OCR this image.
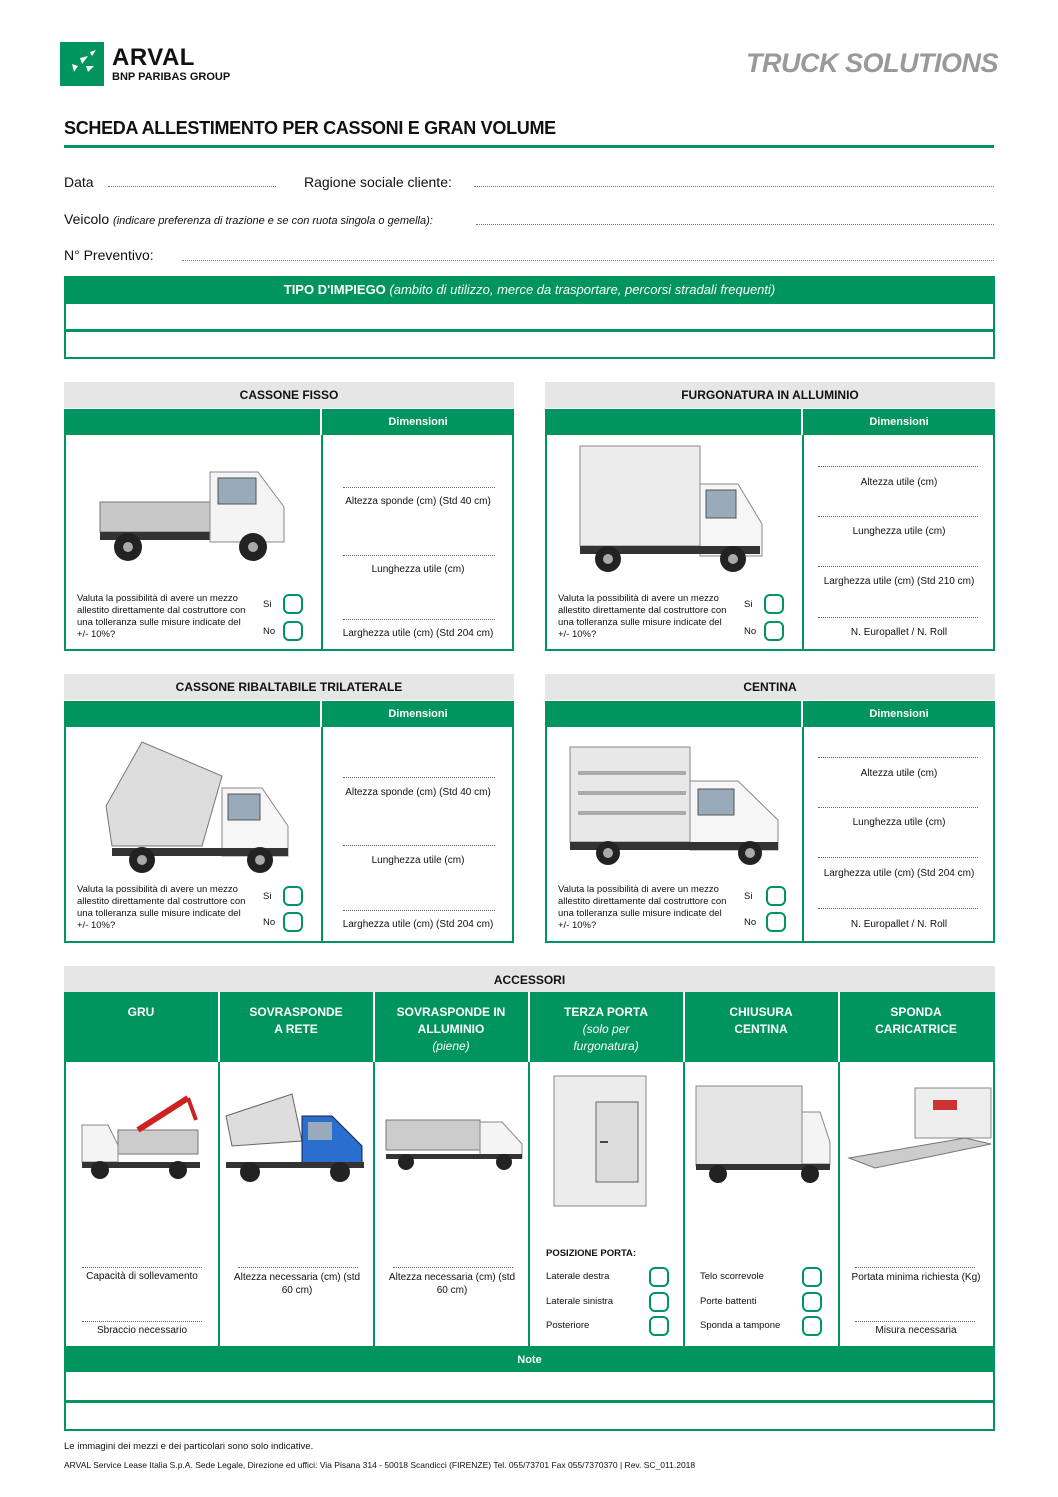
ARVAL
BNP PARIBAS GROUP	TRUCK SOLUTIONS
SCHEDA ALLESTIMENTO PER CASSONI E GRAN VOLUME
Data	Ragione sociale cliente:
Veicolo (indicare preferenza di trazione e se con ruota singola o gemella):
N° Preventivo:
TIPO D'IMPIEGO (ambito di utilizzo, merce da trasportare, percorsi stradali frequenti)
CASSONE FISSO
Dimensioni
Valuta la possibilità di avere un mezzo allestito direttamente dal costruttore con una tolleranza sulle misure indicate del +/- 10%?
Si
No
Altezza sponde (cm) (Std 40 cm)
Lunghezza utile (cm)
Larghezza utile (cm) (Std 204 cm)
FURGONATURA IN ALLUMINIO
Dimensioni
Valuta la possibilità di avere un mezzo allestito direttamente dal costruttore con una tolleranza sulle misure indicate del +/- 10%?
Si
No
Altezza utile (cm)
Lunghezza utile (cm)
Larghezza utile (cm) (Std 210 cm)
N. Europallet / N. Roll
CASSONE RIBALTABILE TRILATERALE
Dimensioni
Valuta la possibilità di avere un mezzo allestito direttamente dal costruttore con una tolleranza sulle misure indicate del +/- 10%?
Si
No
Altezza sponde (cm) (Std 40 cm)
Lunghezza utile (cm)
Larghezza utile (cm) (Std 204 cm)
CENTINA
Dimensioni
Valuta la possibilità di avere un mezzo allestito direttamente dal costruttore con una tolleranza sulle misure indicate del +/- 10%?
Si
No
Altezza utile (cm)
Lunghezza utile (cm)
Larghezza utile (cm) (Std 204 cm)
N. Europallet / N. Roll
ACCESSORI
GRU	SOVRASPONDE A RETE
SOVRASPONDE IN ALLUMINIO
(piene)
TERZA PORTA
(solo per furgonatura)
CHIUSURA CENTINA
SPONDA CARICATRICE
Capacità di sollevamento
Sbraccio necessario
Altezza necessaria (cm) (std 60 cm)
Altezza necessaria (cm) (std 60 cm)
POSIZIONE PORTA:
Laterale destra
Laterale sinistra
Posteriore
Telo scorrevole
Porte battenti
Sponda a tampone
Portata minima richiesta (Kg)
Misura necessaria
Note
Le immagini dei mezzi e dei particolari sono solo indicative.
ARVAL Service Lease Italia S.p.A. Sede Legale, Direzione ed uffici: Via Pisana 314 - 50018 Scandicci (FIRENZE) Tel. 055/73701 Fax 055/7370370 | Rev. SC_011.2018
